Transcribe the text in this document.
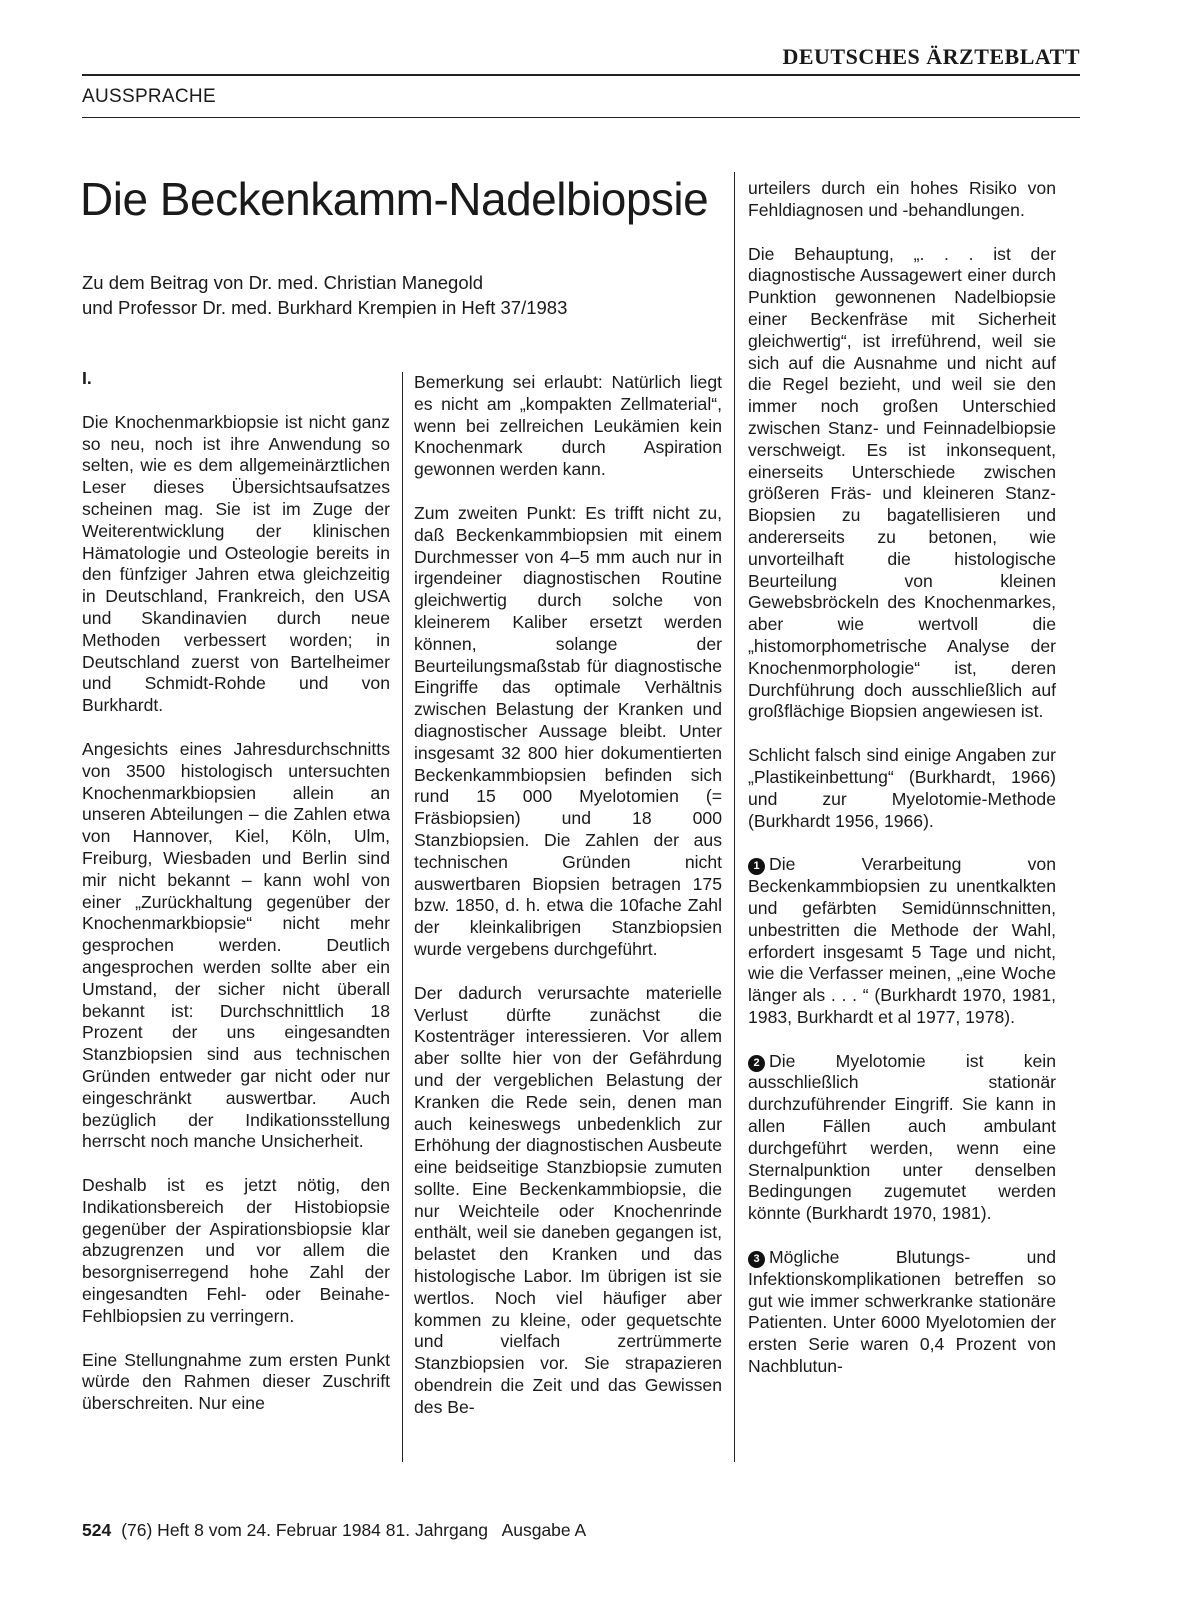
DEUTSCHES ÄRZTEBLATT
AUSSPRACHE
Die Beckenkamm-Nadelbiopsie
Zu dem Beitrag von Dr. med. Christian Manegold
und Professor Dr. med. Burkhard Krempien in Heft 37/1983

I.

Die Knochenmarkbiopsie ist nicht ganz so neu, noch ist ihre Anwendung so selten, wie es dem allgemeinärztlichen Leser dieses Übersichtsaufsatzes scheinen mag. Sie ist im Zuge der Weiterentwicklung der klinischen Hämatologie und Osteologie bereits in den fünfziger Jahren etwa gleichzeitig in Deutschland, Frankreich, den USA und Skandinavien durch neue Methoden verbessert worden; in Deutschland zuerst von Bartelheimer und Schmidt-Rohde und von Burkhardt.

Angesichts eines Jahresdurchschnitts von 3500 histologisch untersuchten Knochenmarkbiopsien allein an unseren Abteilungen – die Zahlen etwa von Hannover, Kiel, Köln, Ulm, Freiburg, Wiesbaden und Berlin sind mir nicht bekannt – kann wohl von einer „Zurückhaltung gegenüber der Knochenmarkbiopsie“ nicht mehr gesprochen werden. Deutlich angesprochen werden sollte aber ein Umstand, der sicher nicht überall bekannt ist: Durchschnittlich 18 Prozent der uns eingesandten Stanzbiopsien sind aus technischen Gründen entweder gar nicht oder nur eingeschränkt auswertbar. Auch bezüglich der Indikationsstellung herrscht noch manche Unsicherheit.

Deshalb ist es jetzt nötig, den Indikationsbereich der Histobiopsie gegenüber der Aspirationsbiopsie klar abzugrenzen und vor allem die besorgniserregend hohe Zahl der eingesandten Fehl- oder Beinahe-Fehlbiopsien zu verringern.

Eine Stellungnahme zum ersten Punkt würde den Rahmen dieser Zuschrift überschreiten. Nur eine

Bemerkung sei erlaubt: Natürlich liegt es nicht am „kompakten Zellmaterial“, wenn bei zellreichen Leukämien kein Knochenmark durch Aspiration gewonnen werden kann.

Zum zweiten Punkt: Es trifft nicht zu, daß Beckenkammbiopsien mit einem Durchmesser von 4–5 mm auch nur in irgendeiner diagnostischen Routine gleichwertig durch solche von kleinerem Kaliber ersetzt werden können, solange der Beurteilungsmaßstab für diagnostische Eingriffe das optimale Verhältnis zwischen Belastung der Kranken und diagnostischer Aussage bleibt. Unter insgesamt 32 800 hier dokumentierten Beckenkammbiopsien befinden sich rund 15 000 Myelotomien (= Fräsbiopsien) und 18 000 Stanzbiopsien. Die Zahlen der aus technischen Gründen nicht auswertbaren Biopsien betragen 175 bzw. 1850, d. h. etwa die 10fache Zahl der kleinkalibrigen Stanzbiopsien wurde vergebens durchgeführt.

Der dadurch verursachte materielle Verlust dürfte zunächst die Kostenträger interessieren. Vor allem aber sollte hier von der Gefährdung und der vergeblichen Belastung der Kranken die Rede sein, denen man auch keineswegs unbedenklich zur Erhöhung der diagnostischen Ausbeute eine beidseitige Stanzbiopsie zumuten sollte. Eine Beckenkammbiopsie, die nur Weichteile oder Knochenrinde enthält, weil sie daneben gegangen ist, belastet den Kranken und das histologische Labor. Im übrigen ist sie wertlos. Noch viel häufiger aber kommen zu kleine, oder gequetschte und vielfach zertrümmerte Stanzbiopsien vor. Sie strapazieren obendrein die Zeit und das Gewissen des Be-

urteilers durch ein hohes Risiko von Fehldiagnosen und -behandlungen.

Die Behauptung, „. . . ist der diagnostische Aussagewert einer durch Punktion gewonnenen Nadelbiopsie einer Beckenfräse mit Sicherheit gleichwertig“, ist irreführend, weil sie sich auf die Ausnahme und nicht auf die Regel bezieht, und weil sie den immer noch großen Unterschied zwischen Stanz- und Feinnadelbiopsie verschweigt. Es ist inkonsequent, einerseits Unterschiede zwischen größeren Fräs- und kleineren Stanz-Biopsien zu bagatellisieren und andererseits zu betonen, wie unvorteilhaft die histologische Beurteilung von kleinen Gewebsbröckeln des Knochenmarkes, aber wie wertvoll die „histomorphometrische Analyse der Knochenmorphologie“ ist, deren Durchführung doch ausschließlich auf großflächige Biopsien angewiesen ist.

Schlicht falsch sind einige Angaben zur „Plastikeinbettung“ (Burkhardt, 1966) und zur Myelotomie-Methode (Burkhardt 1956, 1966).

1 Die Verarbeitung von Beckenkammbiopsien zu unentkalkten und gefärbten Semidünnschnitten, unbestritten die Methode der Wahl, erfordert insgesamt 5 Tage und nicht, wie die Verfasser meinen, „eine Woche länger als . . . “ (Burkhardt 1970, 1981, 1983, Burkhardt et al 1977, 1978).

2 Die Myelotomie ist kein ausschließlich stationär durchzuführender Eingriff. Sie kann in allen Fällen auch ambulant durchgeführt werden, wenn eine Sternalpunktion unter denselben Bedingungen zugemutet werden könnte (Burkhardt 1970, 1981).

3 Mögliche Blutungs- und Infektionskomplikationen betreffen so gut wie immer schwerkranke stationäre Patienten. Unter 6000 Myelotomien der ersten Serie waren 0,4 Prozent von Nachblutun-

524 (76) Heft 8 vom 24. Februar 1984 81. Jahrgang   Ausgabe A
